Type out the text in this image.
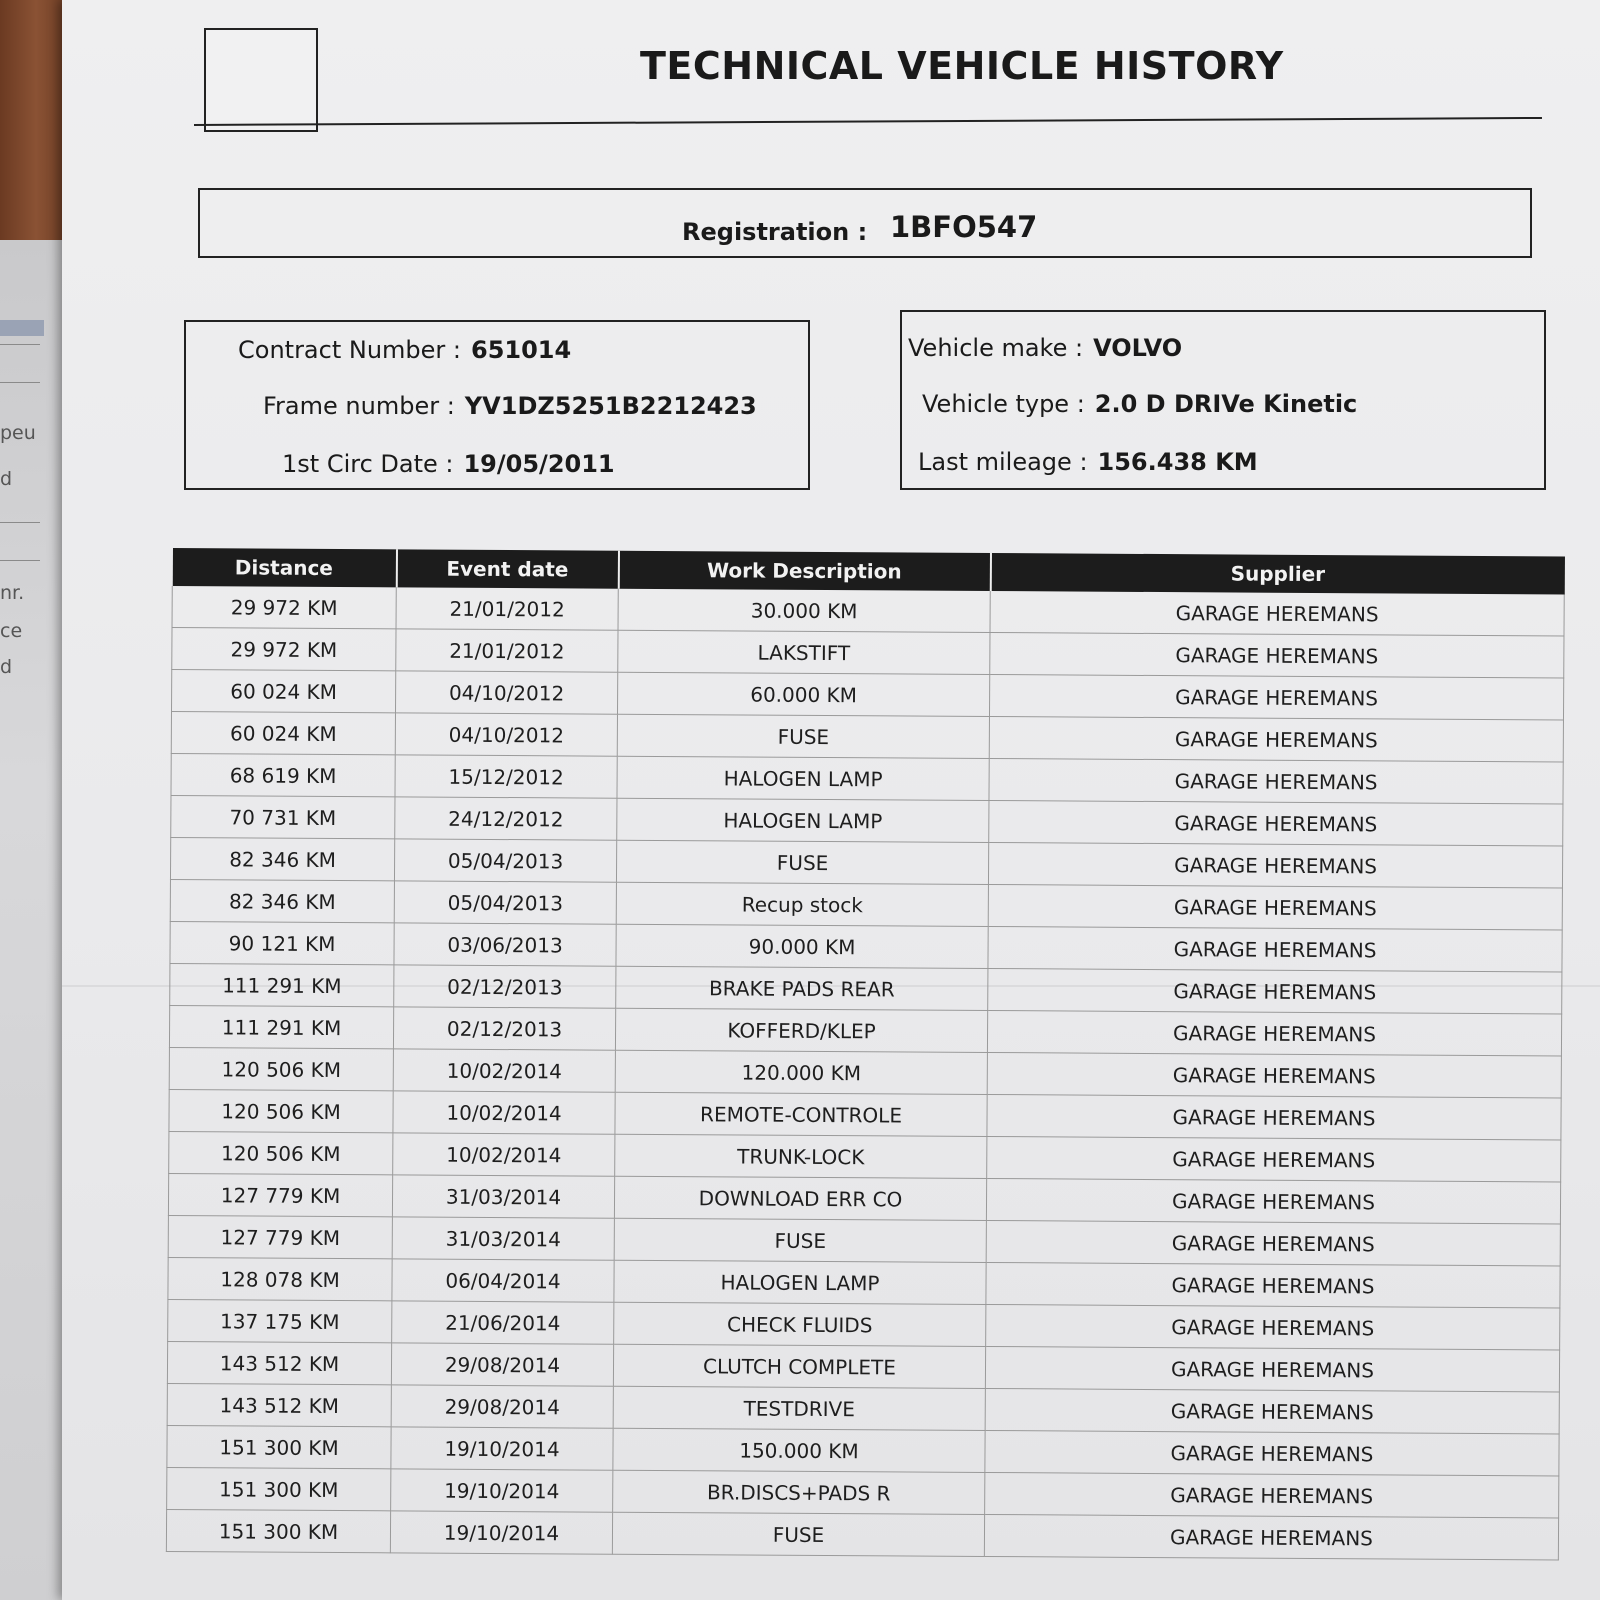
peu
d
nr.
ce
d
TECHNICAL VEHICLE HISTORY
Registration : 1BFO547
Contract Number : 651014
Frame number : YV1DZ5251B2212423
1st Circ Date : 19/05/2011
Vehicle make : VOLVO
Vehicle type : 2.0 D DRIVe Kinetic
Last mileage : 156.438 KM
Distance	Event date	Work Description	Supplier
29 972 KM	21/01/2012	30.000 KM	GARAGE HEREMANS
29 972 KM	21/01/2012	LAKSTIFT	GARAGE HEREMANS
60 024 KM	04/10/2012	60.000 KM	GARAGE HEREMANS
60 024 KM	04/10/2012	FUSE	GARAGE HEREMANS
68 619 KM	15/12/2012	HALOGEN LAMP	GARAGE HEREMANS
70 731 KM	24/12/2012	HALOGEN LAMP	GARAGE HEREMANS
82 346 KM	05/04/2013	FUSE	GARAGE HEREMANS
82 346 KM	05/04/2013	Recup stock	GARAGE HEREMANS
90 121 KM	03/06/2013	90.000 KM	GARAGE HEREMANS
111 291 KM	02/12/2013	BRAKE PADS REAR	GARAGE HEREMANS
111 291 KM	02/12/2013	KOFFERD/KLEP	GARAGE HEREMANS
120 506 KM	10/02/2014	120.000 KM	GARAGE HEREMANS
120 506 KM	10/02/2014	REMOTE-CONTROLE	GARAGE HEREMANS
120 506 KM	10/02/2014	TRUNK-LOCK	GARAGE HEREMANS
127 779 KM	31/03/2014	DOWNLOAD ERR CO	GARAGE HEREMANS
127 779 KM	31/03/2014	FUSE	GARAGE HEREMANS
128 078 KM	06/04/2014	HALOGEN LAMP	GARAGE HEREMANS
137 175 KM	21/06/2014	CHECK FLUIDS	GARAGE HEREMANS
143 512 KM	29/08/2014	CLUTCH COMPLETE	GARAGE HEREMANS
143 512 KM	29/08/2014	TESTDRIVE	GARAGE HEREMANS
151 300 KM	19/10/2014	150.000 KM	GARAGE HEREMANS
151 300 KM	19/10/2014	BR.DISCS+PADS R	GARAGE HEREMANS
151 300 KM	19/10/2014	FUSE	GARAGE HEREMANS
